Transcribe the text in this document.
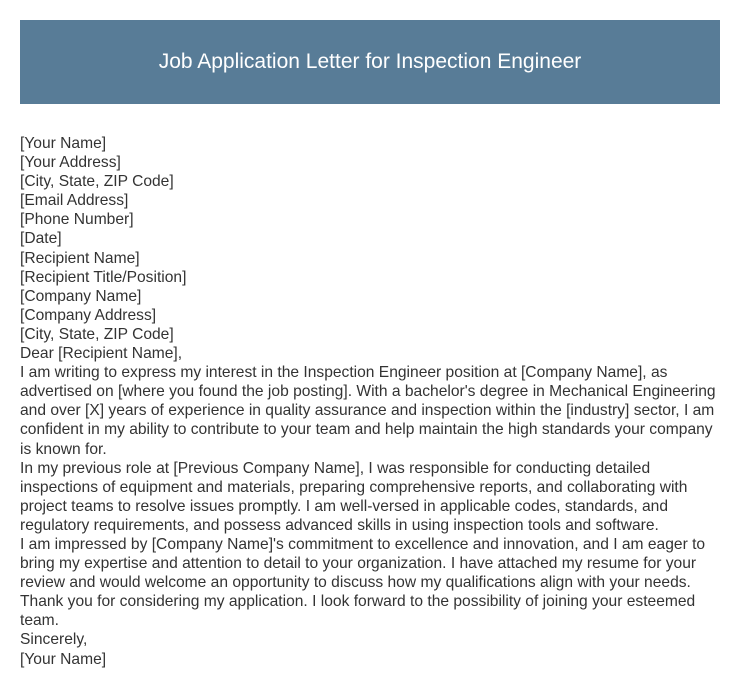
Job Application Letter for Inspection Engineer
[Your Name]
[Your Address]
[City, State, ZIP Code]
[Email Address]
[Phone Number]
[Date]
[Recipient Name]
[Recipient Title/Position]
[Company Name]
[Company Address]
[City, State, ZIP Code]
Dear [Recipient Name],
I am writing to express my interest in the Inspection Engineer position at [Company Name], as advertised on [where you found the job posting]. With a bachelor's degree in Mechanical Engineering and over [X] years of experience in quality assurance and inspection within the [industry] sector, I am confident in my ability to contribute to your team and help maintain the high standards your company is known for.
In my previous role at [Previous Company Name], I was responsible for conducting detailed inspections of equipment and materials, preparing comprehensive reports, and collaborating with project teams to resolve issues promptly. I am well-versed in applicable codes, standards, and regulatory requirements, and possess advanced skills in using inspection tools and software.
I am impressed by [Company Name]'s commitment to excellence and innovation, and I am eager to bring my expertise and attention to detail to your organization. I have attached my resume for your review and would welcome an opportunity to discuss how my qualifications align with your needs.
Thank you for considering my application. I look forward to the possibility of joining your esteemed team.
Sincerely,
[Your Name]
